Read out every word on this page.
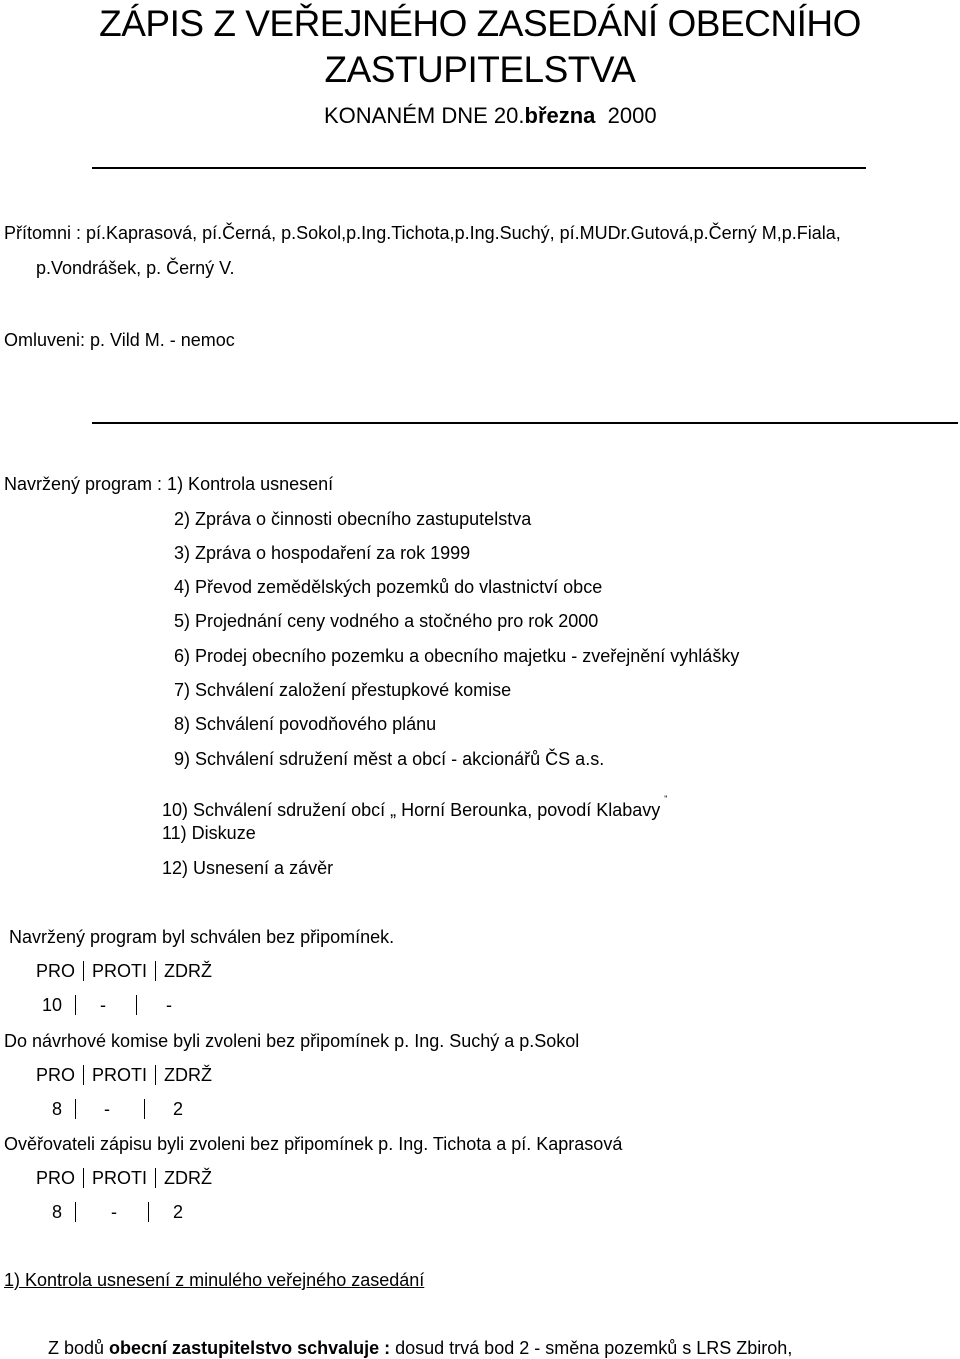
ZÁPIS Z VEŘEJNÉHO ZASEDÁNÍ OBECNÍHO
ZASTUPITELSTVA
KONANÉM DNE 20.března 2000
Přítomni : pí.Kaprasová, pí.Černá, p.Sokol,p.Ing.Tichota,p.Ing.Suchý, pí.MUDr.Gutová,p.Černý M,p.Fiala,
p.Vondrášek, p. Černý V.
Omluveni: p. Vild M. - nemoc
Navržený program : 1) Kontrola usnesení
2) Zpráva o činnosti obecního zastuputelstva
3) Zpráva o hospodaření za rok 1999
4) Převod zemědělských pozemků do vlastnictví obce
5) Projednání ceny vodného a stočného pro rok 2000
6) Prodej obecního pozemku a obecního majetku - zveřejnění vyhlášky
7) Schválení založení přestupkové komise
8) Schválení povodňového plánu
9) Schválení sdružení měst a obcí - akcionářů ČS a.s.
10) Schválení sdružení obcí „ Horní Berounka, povodí Klabavy"
11) Diskuze
12) Usnesení a závěr
Navržený program byl schválen bez připomínek.
PRO PROTI ZDRŽ
10 -	-
Do návrhové komise byli zvoleni bez připomínek p. Ing. Suchý a p.Sokol
PRO PROTI ZDRŽ
8 -	2
Ověřovateli zápisu byli zvoleni bez připomínek p. Ing. Tichota a pí. Kaprasová
PRO PROTI ZDRŽ
8	-	2
1) Kontrola usnesení z minulého veřejného zasedání
Z bodů obecní zastupitelstvo schvaluje : dosud trvá bod 2 - směna pozemků s LRS Zbiroh,
